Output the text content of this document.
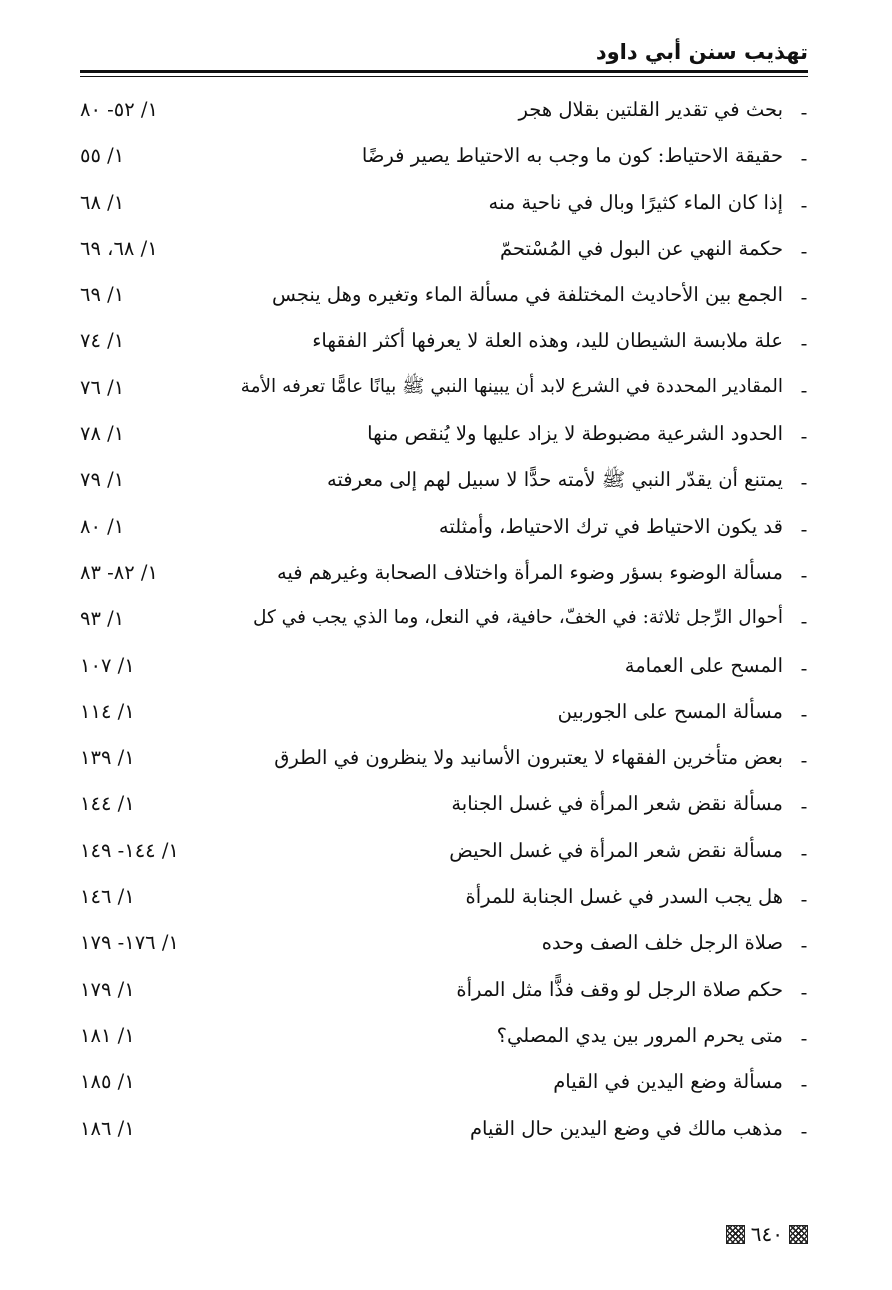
تهذيب سنن أبي داود
-
بحث في تقدير القلتين بقلال هجر
١/ ٥٢- ٨٠
-
حقيقة الاحتياط: كون ما وجب به الاحتياط يصير فرضًا
١/ ٥٥
-
إذا كان الماء كثيرًا وبال في ناحية منه
١/ ٦٨
-
حكمة النهي عن البول في المُسْتحمّ
١/ ٦٨، ٦٩
-
الجمع بين الأحاديث المختلفة في مسألة الماء وتغيره وهل ينجس
١/ ٦٩
-
علة ملابسة الشيطان لليد، وهذه العلة لا يعرفها أكثر الفقهاء
١/ ٧٤
-
المقادير المحددة في الشرع لابد أن يبينها النبي ﷺ بيانًا عامًّا تعرفه الأمة
١/ ٧٦
-
الحدود الشرعية مضبوطة لا يزاد عليها ولا يُنقص منها
١/ ٧٨
-
يمتنع أن يقدّر النبي ﷺ لأمته حدًّا لا سبيل لهم إلى معرفته
١/ ٧٩
-
قد يكون الاحتياط في ترك الاحتياط، وأمثلته
١/ ٨٠
-
مسألة الوضوء بسؤر وضوء المرأة واختلاف الصحابة وغيرهم فيه
١/ ٨٢- ٨٣
-
أحوال الرِّجل ثلاثة: في الخفّ، حافية، في النعل، وما الذي يجب في كل
١/ ٩٣
-
المسح على العمامة
١/ ١٠٧
-
مسألة المسح على الجوربين
١/ ١١٤
-
بعض متأخرين الفقهاء لا يعتبرون الأسانيد ولا ينظرون في الطرق
١/ ١٣٩
-
مسألة نقض شعر المرأة في غسل الجنابة
١/ ١٤٤
-
مسألة نقض شعر المرأة في غسل الحيض
١/ ١٤٤- ١٤٩
-
هل يجب السدر في غسل الجنابة للمرأة
١/ ١٤٦
-
صلاة الرجل خلف الصف وحده
١/ ١٧٦- ١٧٩
-
حكم صلاة الرجل لو وقف فذًّا مثل المرأة
١/ ١٧٩
-
متى يحرم المرور بين يدي المصلي؟
١/ ١٨١
-
مسألة وضع اليدين في القيام
١/ ١٨٥
-
مذهب مالك في وضع اليدين حال القيام
١/ ١٨٦
٦٤٠
